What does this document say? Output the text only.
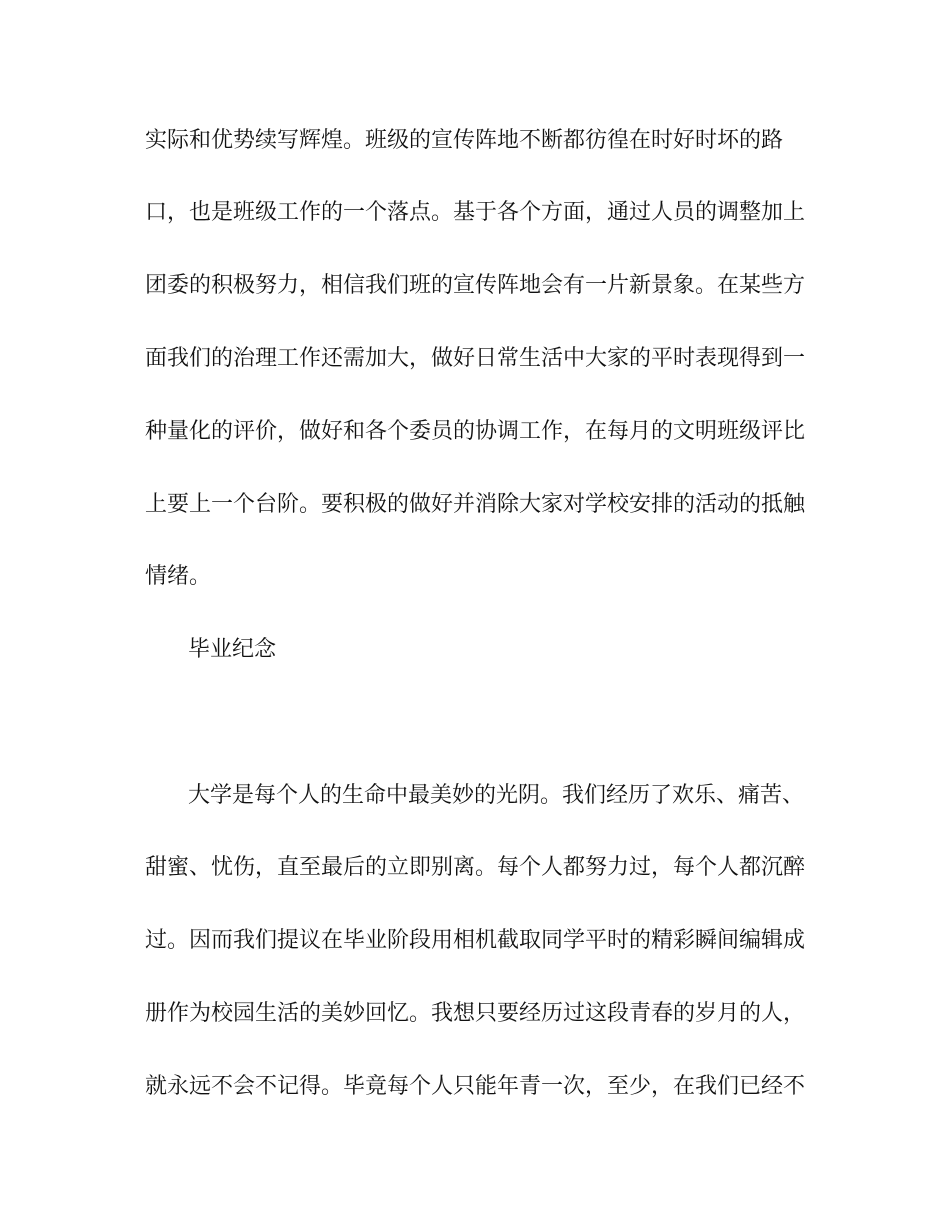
实际和优势续写辉煌。班级的宣传阵地不断都彷徨在时好时坏的路
口，也是班级工作的一个落点。基于各个方面，通过人员的调整加上
团委的积极努力，相信我们班的宣传阵地会有一片新景象。在某些方
面我们的治理工作还需加大，做好日常生活中大家的平时表现得到一
种量化的评价，做好和各个委员的协调工作，在每月的文明班级评比
上要上一个台阶。要积极的做好并消除大家对学校安排的活动的抵触
情绪。
毕业纪念
大学是每个人的生命中最美妙的光阴。我们经历了欢乐、痛苦、
甜蜜、忧伤，直至最后的立即别离。每个人都努力过，每个人都沉醉
过。因而我们提议在毕业阶段用相机截取同学平时的精彩瞬间编辑成
册作为校园生活的美妙回忆。我想只要经历过这段青春的岁月的人，
就永远不会不记得。毕竟每个人只能年青一次，至少，在我们已经不
